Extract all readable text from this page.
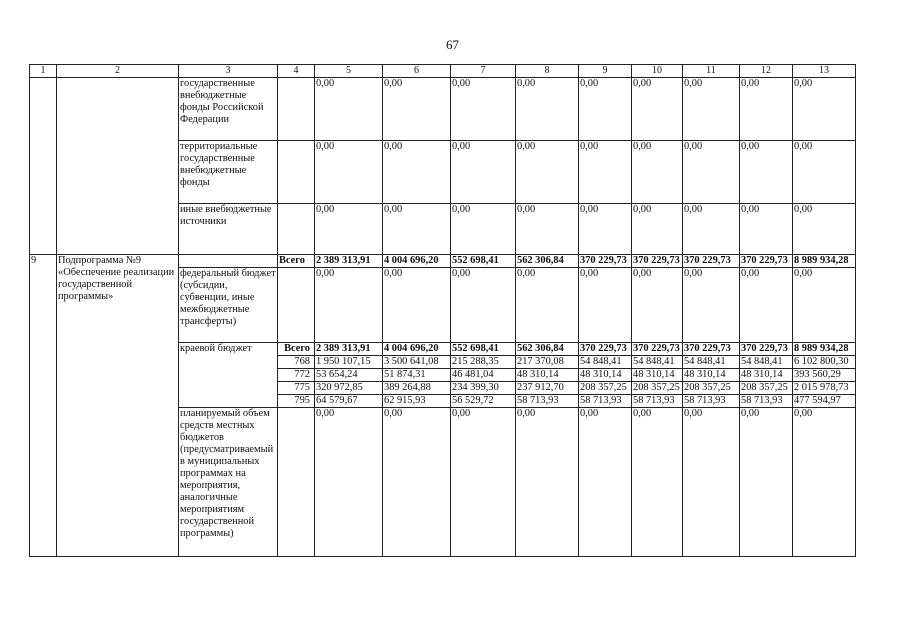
67
1	2	3	4	5	6	7	8	9	10	11	12	13
		государственные внебюджетные фонды Российской Федерации		0,00	0,00	0,00	0,00	0,00	0,00	0,00	0,00	0,00
		территориальные государственные внебюджетные фонды		0,00	0,00	0,00	0,00	0,00	0,00	0,00	0,00	0,00
		иные внебюджетные источники		0,00	0,00	0,00	0,00	0,00	0,00	0,00	0,00	0,00
9	Подпрограмма №9 «Обеспечение реализации государственной программы»		Всего	2 389 313,91	4 004 696,20	552 698,41	562 306,84	370 229,73	370 229,73	370 229,73	370 229,73	8 989 934,28
		федеральный бюджет (субсидии, субвенции, иные межбюджетные трансферты)		0,00	0,00	0,00	0,00	0,00	0,00	0,00	0,00	0,00
		краевой бюджет	Всего	2 389 313,91	4 004 696,20	552 698,41	562 306,84	370 229,73	370 229,73	370 229,73	370 229,73	8 989 934,28
			768	1 950 107,15	3 500 641,08	215 288,35	217 370,08	54 848,41	54 848,41	54 848,41	54 848,41	6 102 800,30
			772	53 654,24	51 874,31	46 481,04	48 310,14	48 310,14	48 310,14	48 310,14	48 310,14	393 560,29
			775	320 972,85	389 264,88	234 399,30	237 912,70	208 357,25	208 357,25	208 357,25	208 357,25	2 015 978,73
			795	64 579,67	62 915,93	56 529,72	58 713,93	58 713,93	58 713,93	58 713,93	58 713,93	477 594,97
		планируемый объем средств местных бюджетов (предусматриваемый в муниципальных программах на мероприятия, аналогичные мероприятиям государственной программы)		0,00	0,00	0,00	0,00	0,00	0,00	0,00	0,00	0,00
